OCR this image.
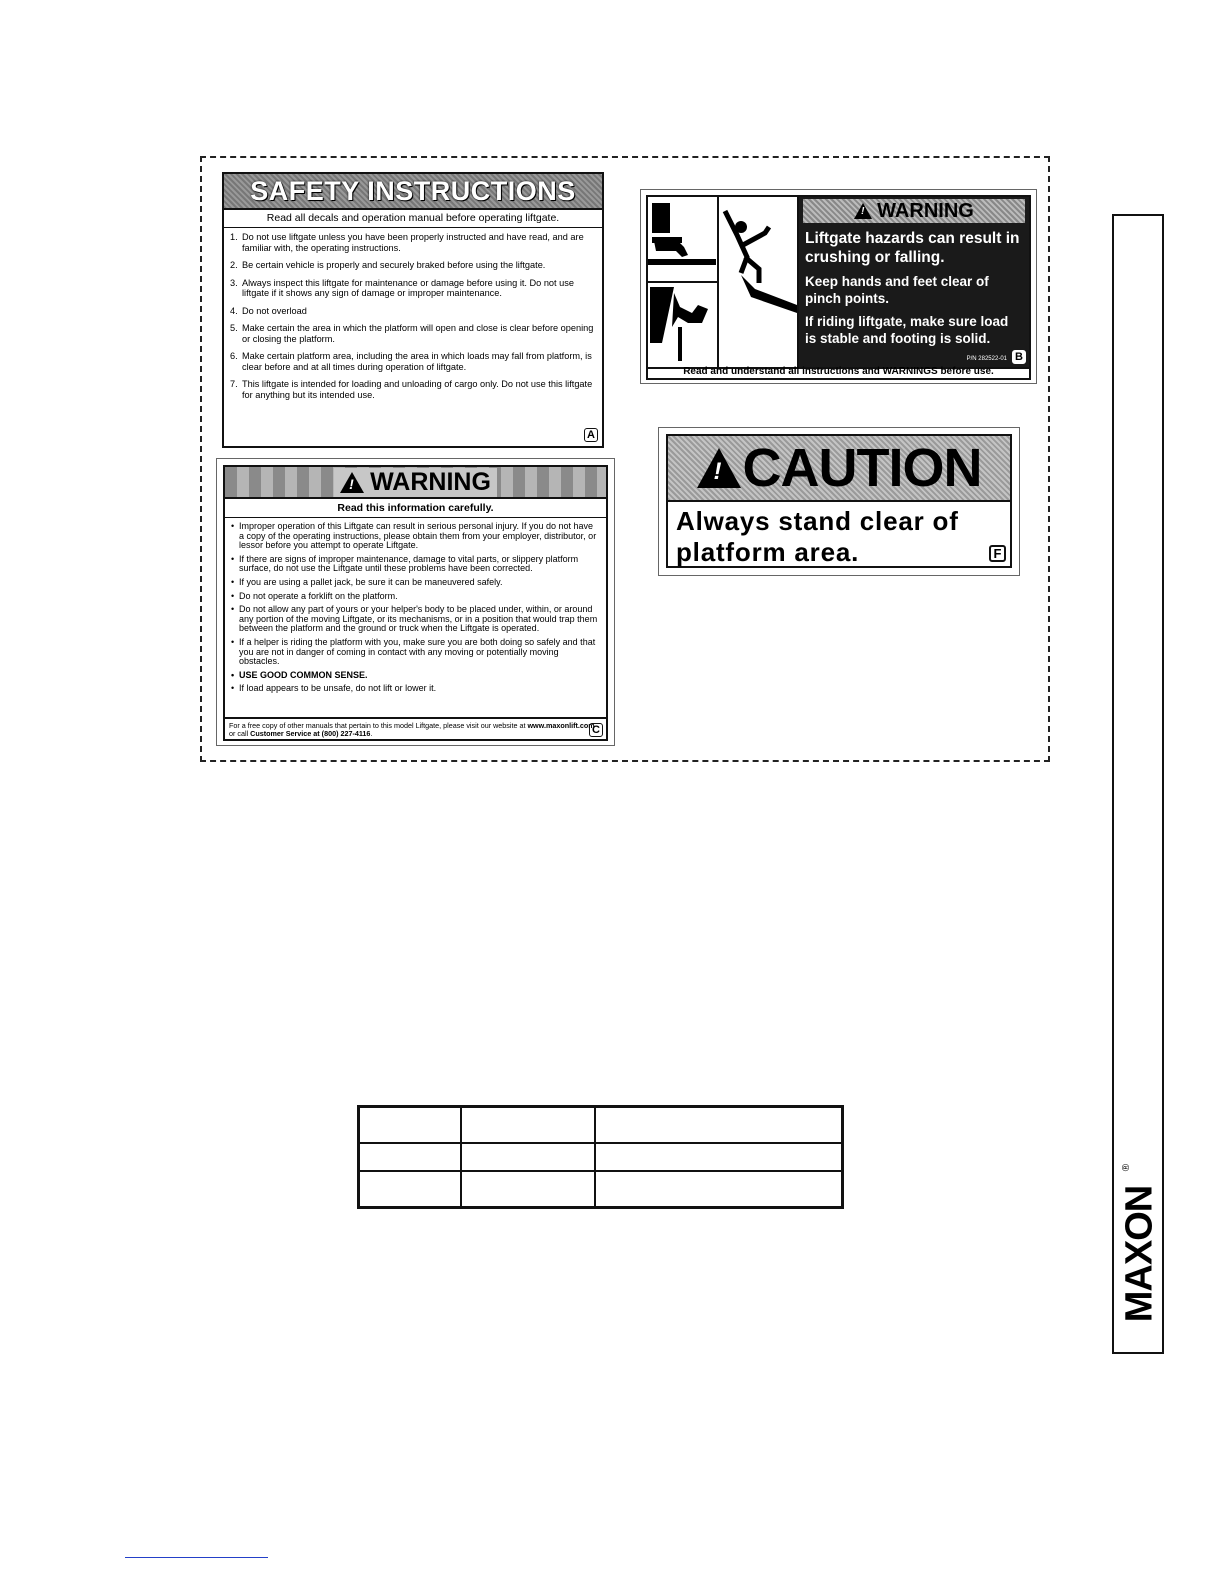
SAFETY INSTRUCTIONS
Read all decals and operation manual before operating liftgate.
1. Do not use liftgate unless you have been properly instructed and have read, and are familiar with, the operating instructions.
2. Be certain vehicle is properly and securely braked before using the liftgate.
3. Always inspect this liftgate for maintenance or damage before using it. Do not use liftgate if it shows any sign of damage or improper maintenance.
4. Do not overload
5. Make certain the area in which the platform will open and close is clear before opening or closing the platform.
6. Make certain platform area, including the area in which loads may fall from platform, is clear before and at all times during operation of liftgate.
7. This liftgate is intended for loading and unloading of cargo only. Do not use this liftgate for anything but its intended use.
A
!
WARNING
Read this information carefully.
• Improper operation of this Liftgate can result in serious personal injury. If you do not have a copy of the operating instructions, please obtain them from your employer, distributor, or lessor before you attempt to operate Liftgate.
• If there are signs of improper maintenance, damage to vital parts, or slippery platform surface, do not use the Liftgate until these problems have been corrected.
• If you are using a pallet jack, be sure it can be maneuvered safely.
• Do not operate a forklift on the platform.
• Do not allow any part of yours or your helper's body to be placed under, within, or around any portion of the moving Liftgate, or its mechanisms, or in a position that would trap them between the platform and the ground or truck when the Liftgate is operated.
• If a helper is riding the platform with you, make sure you are both doing so safely and that you are not in danger of coming in contact with any moving or potentially moving obstacles.
• USE GOOD COMMON SENSE.
• If load appears to be unsafe, do not lift or lower it.
For a free copy of other manuals that pertain to this model Liftgate, please visit our website at www.maxonlift.com or call Customer Service at (800) 227-4116.	C
!
WARNING
Liftgate hazards can result in crushing or falling.
Keep hands and feet clear of pinch points.
If riding liftgate, make sure load is stable and footing is solid.
P/N 282522-01 B
Read and understand all instructions and WARNINGS before use.
!
CAUTION
Always stand clear of platform area.	F

MAXON
®
